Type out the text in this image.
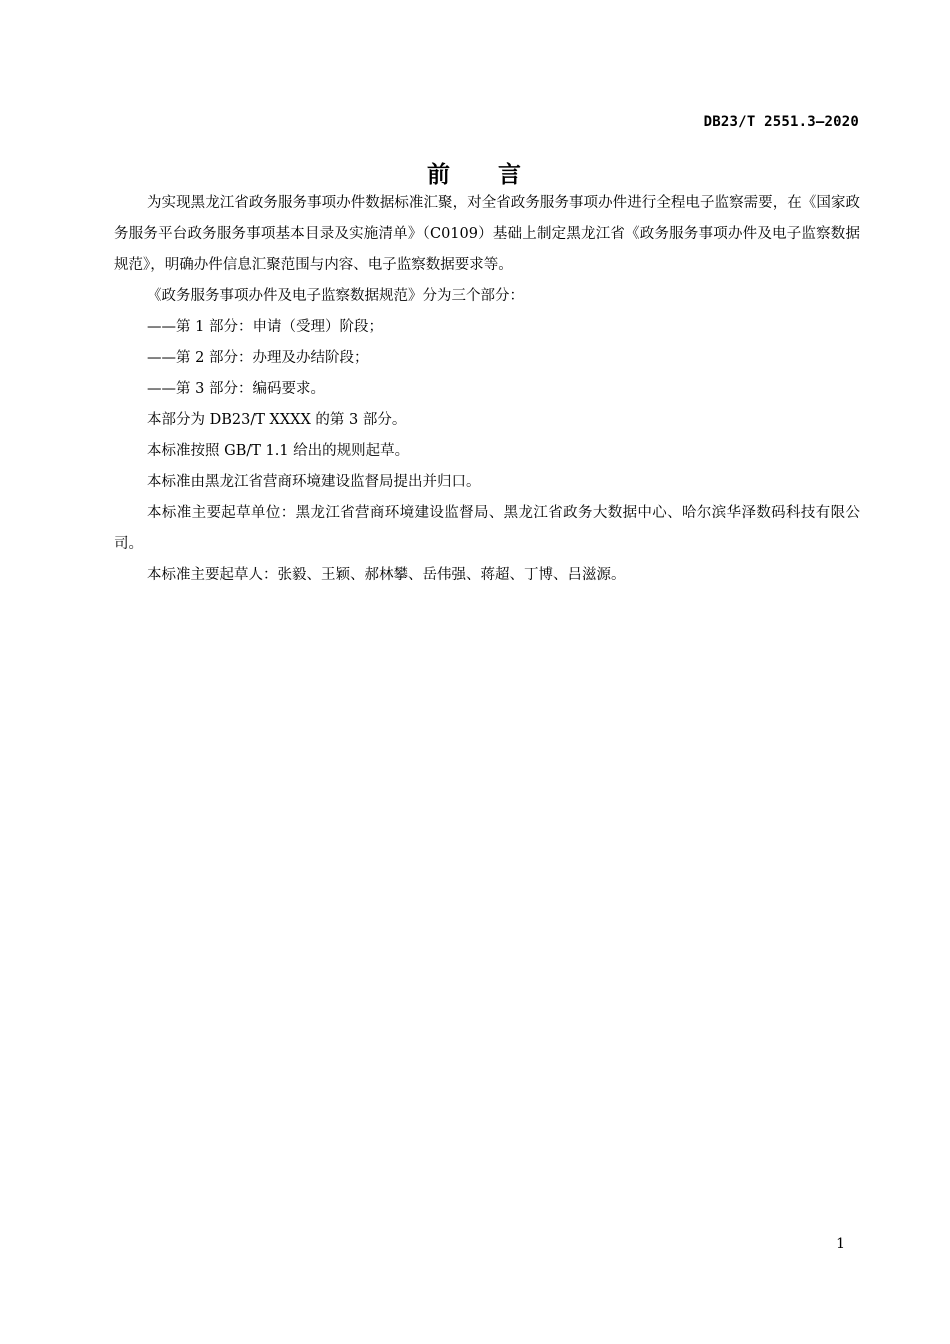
DB23/T 2551.3—2020
前 言

为实现黑龙江省政务服务事项办件数据标准汇聚，对全省政务服务事项办件进行全程电子监察需要，在《国家政务服务平台政务服务事项基本目录及实施清单》（C0109）基础上制定黑龙江省《政务服务事项办件及电子监察数据规范》，明确办件信息汇聚范围与内容、电子监察数据要求等。

《政务服务事项办件及电子监察数据规范》分为三个部分：

——第 1 部分：申请（受理）阶段；

——第 2 部分：办理及办结阶段；

——第 3 部分：编码要求。

本部分为 DB23/T XXXX 的第 3 部分。

本标准按照 GB/T 1.1 给出的规则起草。

本标准由黑龙江省营商环境建设监督局提出并归口。

本标准主要起草单位：黑龙江省营商环境建设监督局、黑龙江省政务大数据中心、哈尔滨华泽数码科技有限公司。

本标准主要起草人：张毅、王颖、郝林攀、岳伟强、蒋超、丁博、吕滋源。

1
